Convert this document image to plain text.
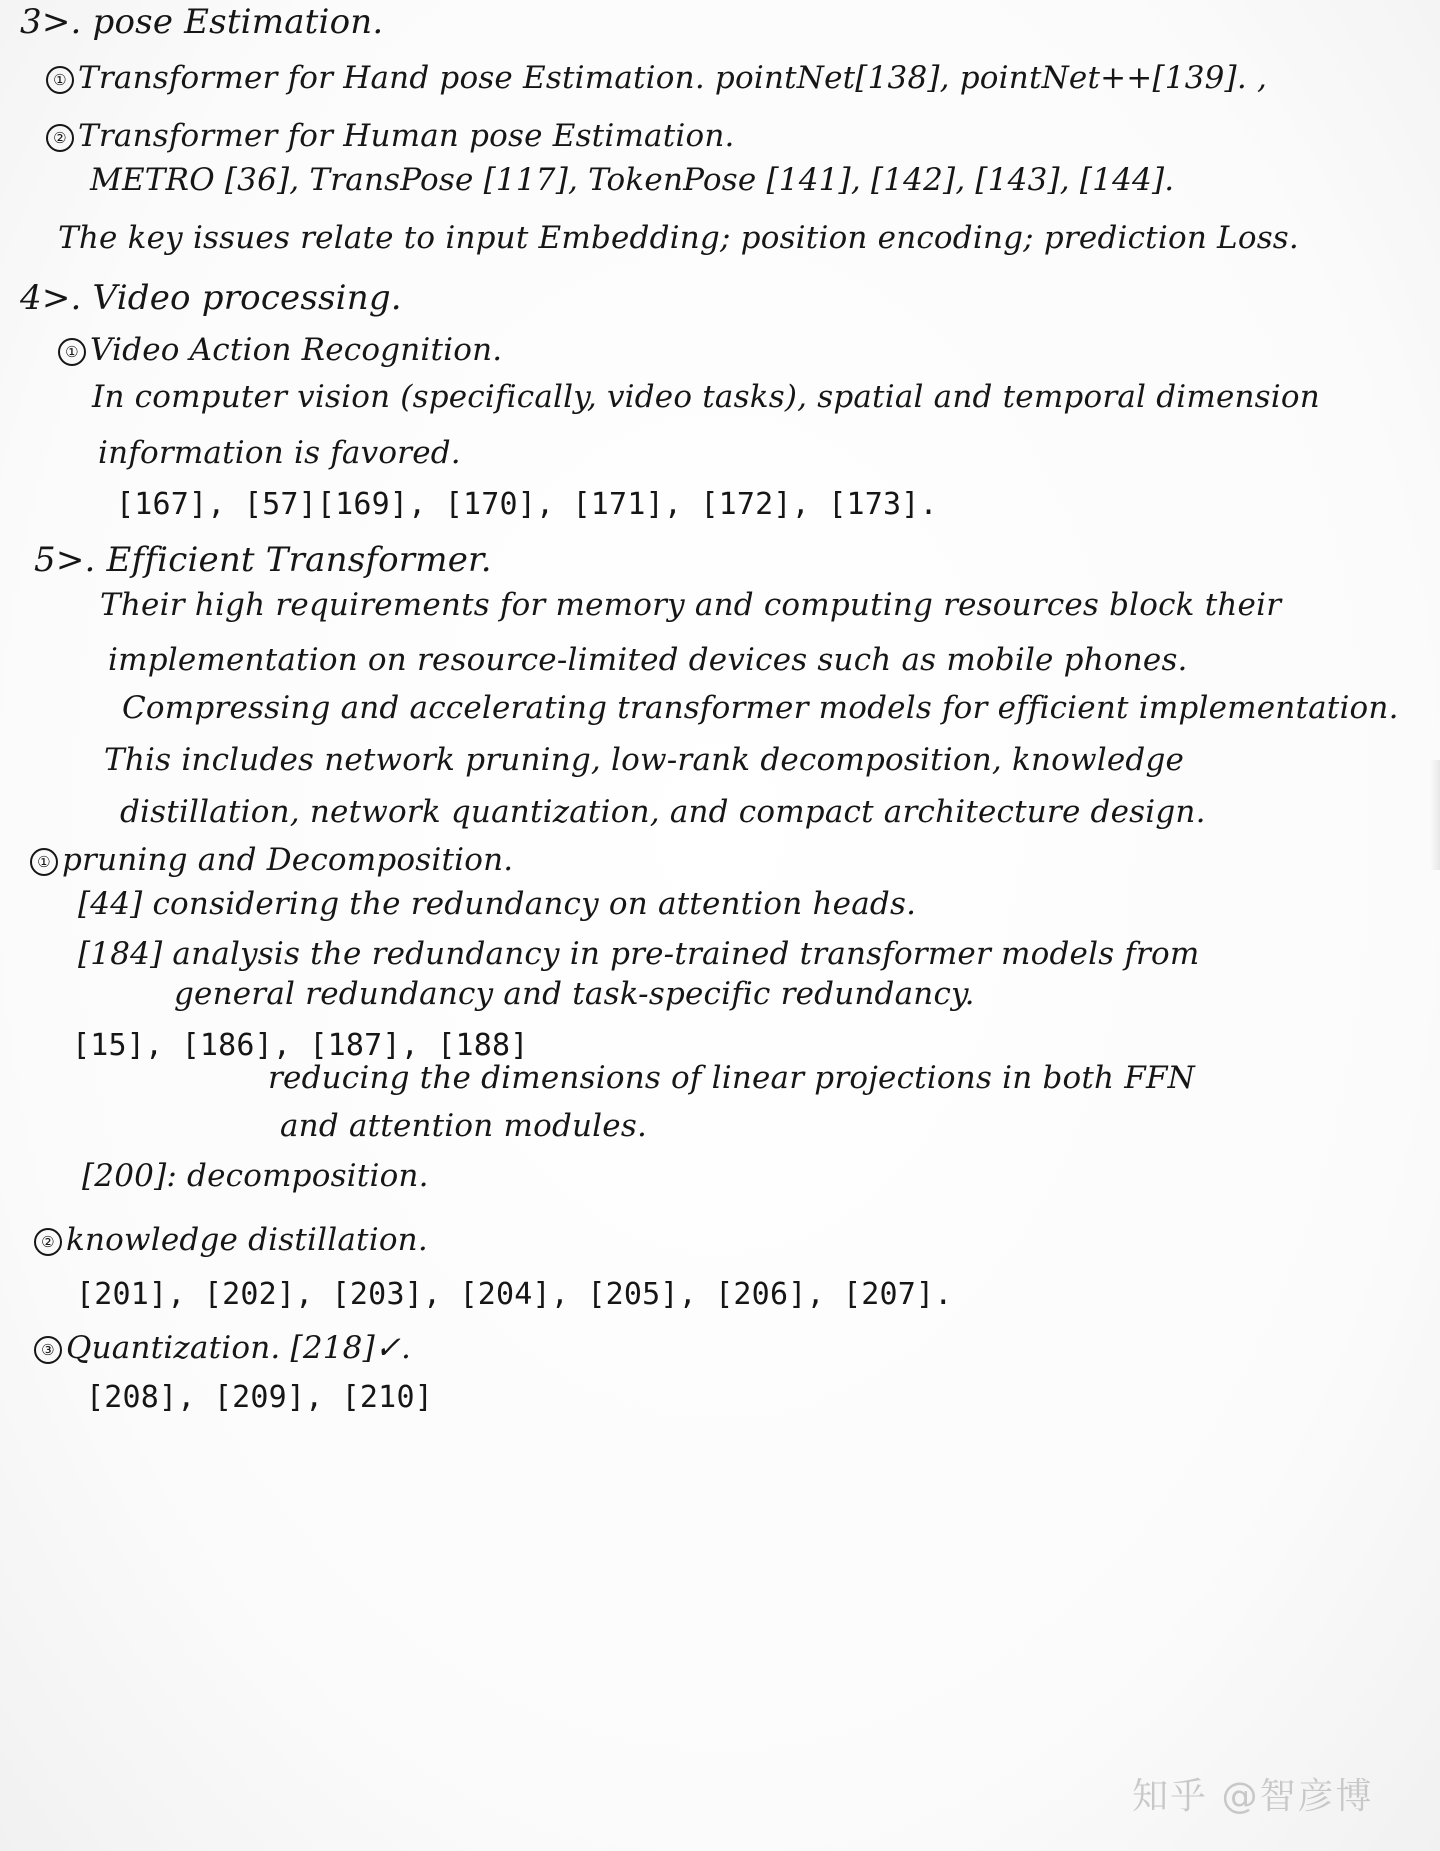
3>. pose Estimation.
① Transformer for Hand pose Estimation. pointNet[138], pointNet++[139]. ,
② Transformer for Human pose Estimation.
METRO [36], TransPose [117], TokenPose [141], [142], [143], [144].
The key issues relate to input Embedding; position encoding; prediction Loss.
4>. Video processing.
① Video Action Recognition.
In computer vision (specifically, video tasks), spatial and temporal dimension
information is favored.
[167], [57][169], [170], [171], [172], [173].
5>. Efficient Transformer.
Their high requirements for memory and computing resources block their
implementation on resource-limited devices such as mobile phones.
Compressing and accelerating transformer models for efficient implementation.
This includes network pruning, low-rank decomposition, knowledge
distillation, network quantization, and compact architecture design.
① pruning and Decomposition.
[44] considering the redundancy on attention heads.
[184] analysis the redundancy in pre-trained transformer models from
general redundancy and task-specific redundancy.
[15], [186], [187], [188]
reducing the dimensions of linear projections in both FFN
and attention modules.
[200]: decomposition.
② knowledge distillation.
[201], [202], [203], [204], [205], [206], [207].
③ Quantization. [218]✓.
[208], [209], [210]
知乎 @智彦博
